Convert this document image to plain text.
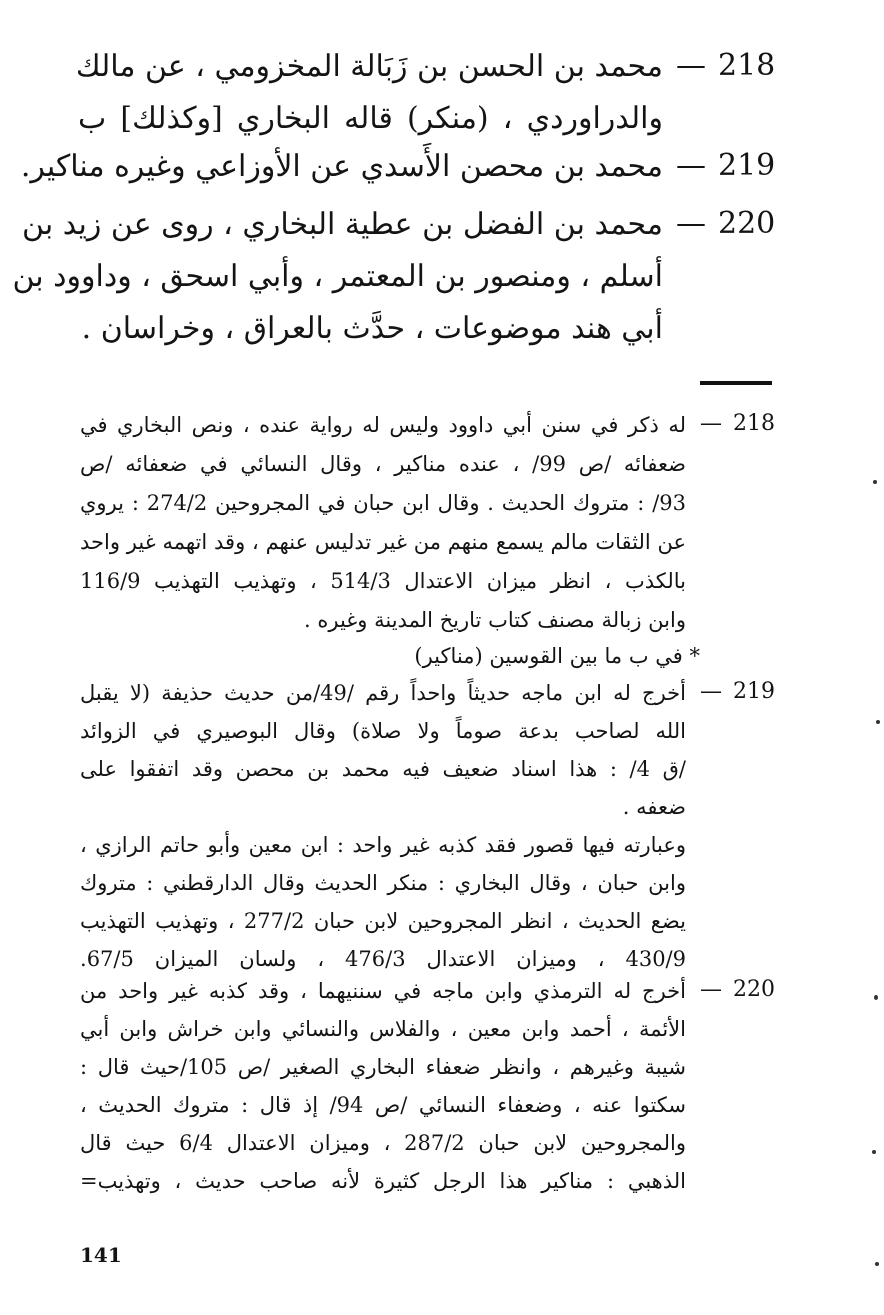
218
—
محمد بن الحسن بن زَبَالة المخزومي ، عن مالك
والدراوردي ، (منكر) قاله البخاري [وكذلك] ب
219
—
محمد بن محصن الأَسدي عن الأوزاعي وغيره مناكير.
220
—
محمد بن الفضل بن عطية البخاري ، روى عن زيد بن
أسلم ، ومنصور بن المعتمر ، وأبي اسحق ، وداوود بن
أبي هند موضوعات ، حدَّث بالعراق ، وخراسان .
218
—
له ذكر في سنن أبي داوود وليس له رواية عنده ، ونص البخاري في
ضعفائه /ص 99/ ، عنده مناكير ، وقال النسائي في ضعفائه /ص
93/ : متروك الحديث . وقال ابن حبان في المجروحين 274/2 : يروي
عن الثقات مالم يسمع منهم من غير تدليس عنهم ، وقد اتهمه غير واحد
بالكذب ، انظر ميزان الاعتدال 514/3 ، وتهذيب التهذيب 116/9
وابن زبالة مصنف كتاب تاريخ المدينة وغيره .
* في ب ما بين القوسين (مناكير)
219
—
أخرج له ابن ماجه حديثاً واحداً رقم /49/من حديث حذيفة (لا يقبل
الله لصاحب بدعة صوماً ولا صلاة) وقال البوصيري في الزوائد
/ق 4/ : هذا اسناد ضعيف فيه محمد بن محصن وقد اتفقوا على
ضعفه .
وعبارته فيها قصور فقد كذبه غير واحد : ابن معين وأبو حاتم الرازي ،
وابن حبان ، وقال البخاري : منكر الحديث وقال الدارقطني : متروك
يضع الحديث ، انظر المجروحين لابن حبان 277/2 ، وتهذيب التهذيب
430/9 ، وميزان الاعتدال 476/3 ، ولسان الميزان 67/5.
220
—
أخرج له الترمذي وابن ماجه في سننيهما ، وقد كذبه غير واحد من
الأئمة ، أحمد وابن معين ، والفلاس والنسائي وابن خراش وابن أبي
شيبة وغيرهم ، وانظر ضعفاء البخاري الصغير /ص 105/حيث قال :
سكتوا عنه ، وضعفاء النسائي /ص 94/ إذ قال : متروك الحديث ،
والمجروحين لابن حبان 287/2 ، وميزان الاعتدال 6/4 حيث قال
الذهبي : مناكير هذا الرجل كثيرة لأنه صاحب حديث ، وتهذيب=
141
